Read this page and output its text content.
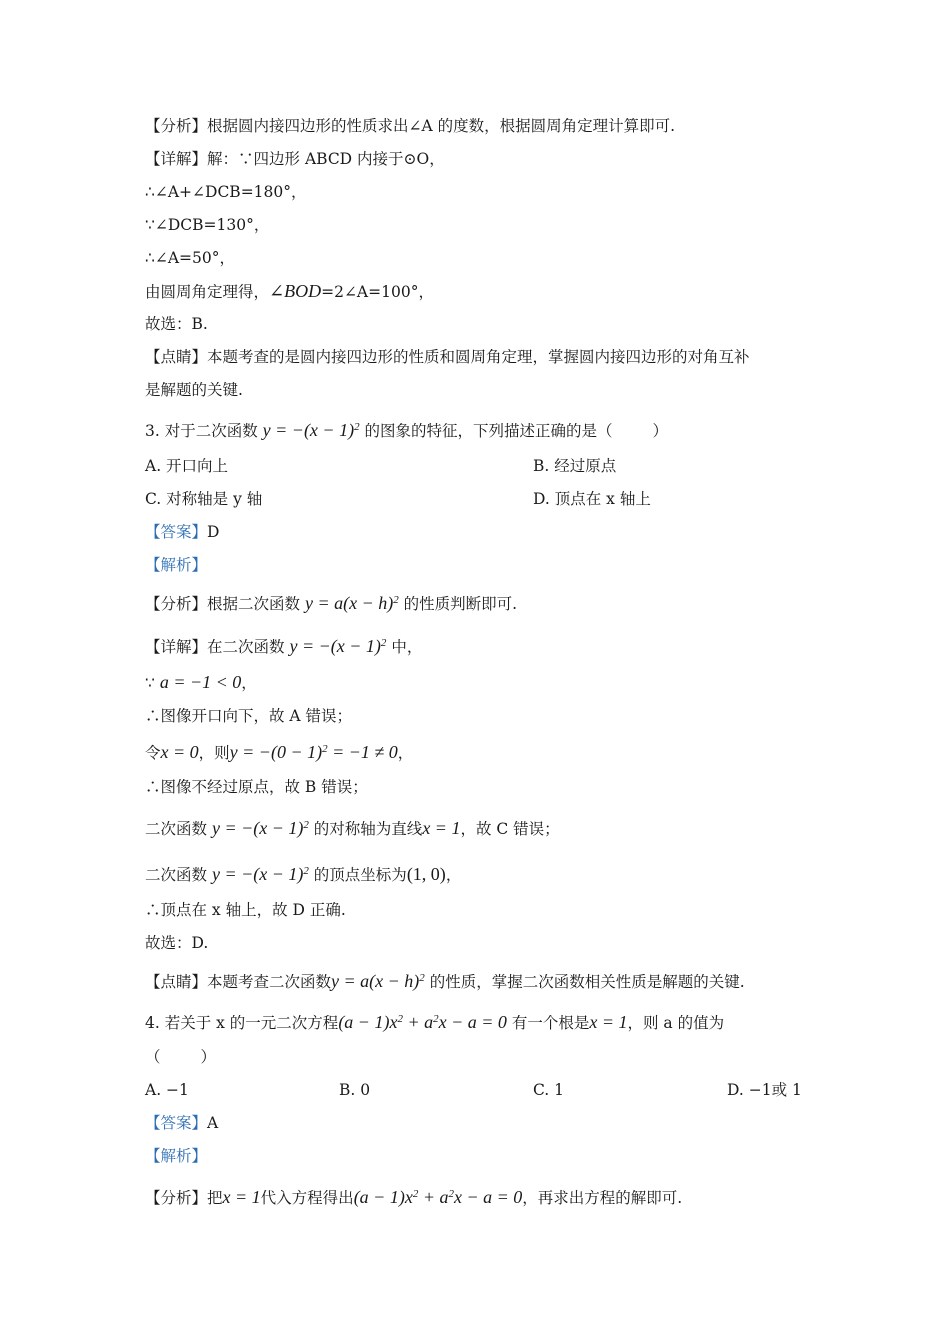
【分析】根据圆内接四边形的性质求出∠A 的度数，根据圆周角定理计算即可.
【详解】解：∵四边形 ABCD 内接于⊙O，
∴∠A+∠DCB=180°，
∵∠DCB=130°，
∴∠A=50°，
由圆周角定理得，∠BOD=2∠A=100°，
故选：B.
【点睛】本题考查的是圆内接四边形的性质和圆周角定理，掌握圆内接四边形的对角互补
是解题的关键.
3. 对于二次函数 $y = -(x - 1)^2$ 的图象的特征，下列描述正确的是（	）
A. 开口向上	B. 经过原点
C. 对称轴是 y 轴	D. 顶点在 x 轴上
【答案】D
【解析】
【分析】根据二次函数 $y = a(x - h)^2$ 的性质判断即可.
【详解】在二次函数 $y = -(x - 1)^2$ 中，
∵ a = −1 < 0，
∴图像开口向下，故 A 错误；
令x = 0，则$y = -(0 - 1)^2 = -1 \ne 0$，
∴图像不经过原点，故 B 错误；
二次函数 $y = -(x - 1)^2$ 的对称轴为直线x = 1，故 C 错误；
二次函数 $y = -(x - 1)^2$ 的顶点坐标为(1, 0)，
∴顶点在 x 轴上，故 D 正确.
故选：D.
【点睛】本题考查二次函数$y = a(x - h)^2$ 的性质，掌握二次函数相关性质是解题的关键.
4. 若关于 x 的一元二次方程$(a - 1)x^2 + a^2x - a = 0$ 有一个根是x = 1，则 a 的值为
（	）
A. −1	B. 0	C. 1	D. −1或 1
【答案】A
【解析】
【分析】把x = 1代入方程得出$(a - 1)x^2 + a^2x - a = 0$，再求出方程的解即可.
